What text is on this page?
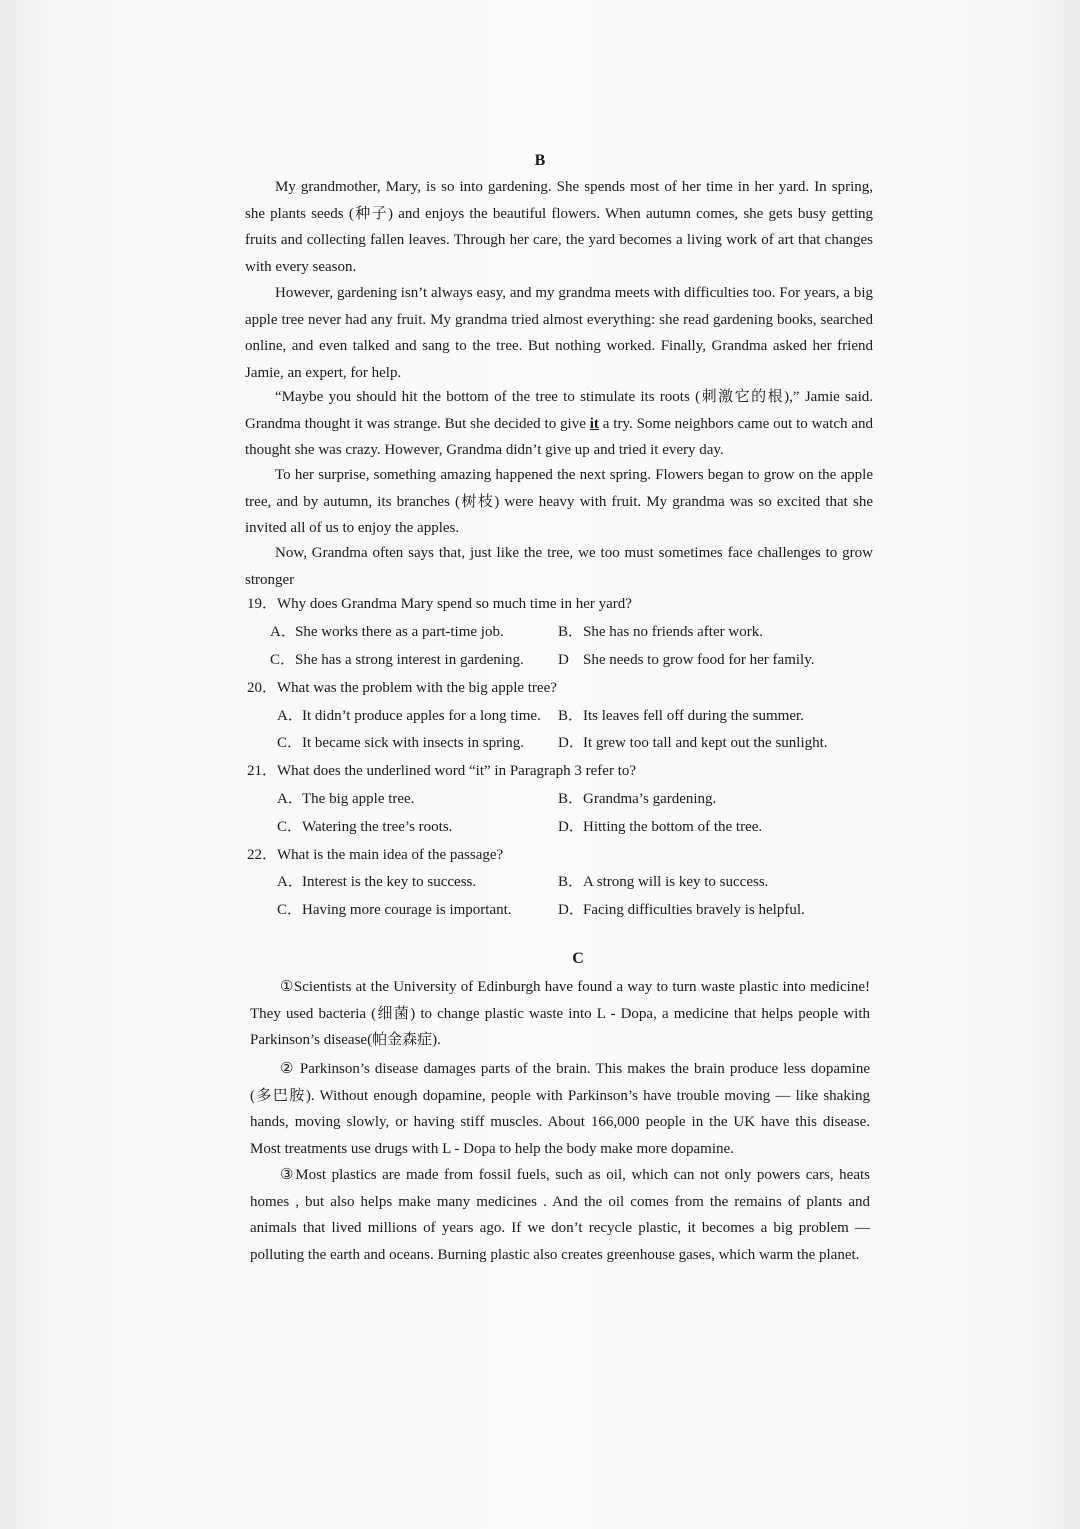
B

My grandmother, Mary, is so into gardening. She spends most of her time in her yard. In spring, she plants seeds (种子) and enjoys the beautiful flowers. When autumn comes, she gets busy getting fruits and collecting fallen leaves. Through her care, the yard becomes a living work of art that changes with every season.

However, gardening isn’t always easy, and my grandma meets with difficulties too. For years, a big apple tree never had any fruit. My grandma tried almost everything: she read gardening books, searched online, and even talked and sang to the tree. But nothing worked. Finally, Grandma asked her friend Jamie, an expert, for help.

“Maybe you should hit the bottom of the tree to stimulate its roots (刺激它的根),” Jamie said. Grandma thought it was strange. But she decided to give it a try. Some neighbors came out to watch and thought she was crazy. However, Grandma didn’t give up and tried it every day.

To her surprise, something amazing happened the next spring. Flowers began to grow on the apple tree, and by autumn, its branches (树枝) were heavy with fruit. My grandma was so excited that she invited all of us to enjoy the apples.

Now, Grandma often says that, just like the tree, we too must sometimes face challenges to grow stronger

19．Why does Grandma Mary spend so much time in her yard?
A．She works there as a part-time job.	B．She has no friends after work.
C．She has a strong interest in gardening. D She needs to grow food for her family.
20．What was the problem with the big apple tree?
A．It didn’t produce apples for a long time. B．Its leaves fell off during the summer.
C．It became sick with insects in spring. D．It grew too tall and kept out the sunlight.
21．What does the underlined word “it” in Paragraph 3 refer to?
A．The big apple tree.	B．Grandma’s gardening.
C．Watering the tree’s roots.	D．Hitting the bottom of the tree.
22．What is the main idea of the passage?
A．Interest is the key to success.	B．A strong will is key to success.
C．Having more courage is important.	D．Facing difficulties bravely is helpful.
C

①Scientists at the University of Edinburgh have found a way to turn waste plastic into medicine! They used bacteria (细菌) to change plastic waste into L - Dopa, a medicine that helps people with Parkinson’s disease(帕金森症).

② Parkinson’s disease damages parts of the brain. This makes the brain produce less dopamine (多巴胺). Without enough dopamine, people with Parkinson’s have trouble moving — like shaking hands, moving slowly, or having stiff muscles. About 166,000 people in the UK have this disease. Most treatments use drugs with L - Dopa to help the body make more dopamine.

③Most plastics are made from fossil fuels, such as oil, which can not only powers cars, heats homes , but also helps make many medicines . And the oil comes from the remains of plants and animals that lived millions of years ago. If we don’t recycle plastic, it becomes a big problem — polluting the earth and oceans. Burning plastic also creates greenhouse gases, which warm the planet.
